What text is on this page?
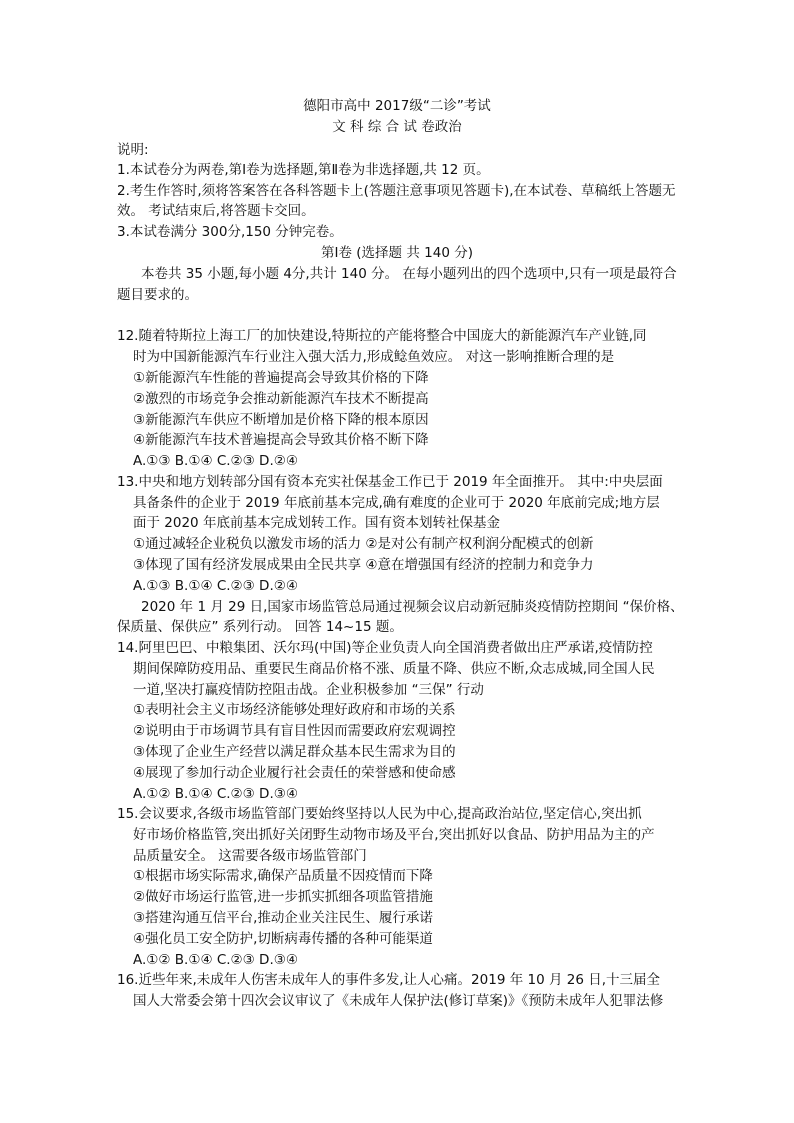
德阳市高中 2017级“二诊”考试
文 科 综 合 试 卷政治
说明:
1.本试卷分为两卷,第Ⅰ卷为选择题,第Ⅱ卷为非选择题,共 12 页。
2.考生作答时,须将答案答在各科答题卡上(答题注意事项见答题卡),在本试卷、草稿纸上答题无
效。 考试结束后,将答题卡交回。
3.本试卷满分 300分,150 分钟完卷。
第Ⅰ卷 (选择题 共 140 分)
本卷共 35 小题,每小题 4分,共计 140 分。 在每小题列出的四个选项中,只有一项是最符合
题目要求的。
12.随着特斯拉上海工厂的加快建设,特斯拉的产能将整合中国庞大的新能源汽车产业链,同
时为中国新能源汽车行业注入强大活力,形成鲶鱼效应。 对这一影响推断合理的是
①新能源汽车性能的普遍提高会导致其价格的下降
②激烈的市场竞争会推动新能源汽车技术不断提高
③新能源汽车供应不断增加是价格下降的根本原因
④新能源汽车技术普遍提高会导致其价格不断下降
A.①③ B.①④ C.②③ D.②④
13.中央和地方划转部分国有资本充实社保基金工作已于 2019 年全面推开。 其中:中央层面
具备条件的企业于 2019 年底前基本完成,确有难度的企业可于 2020 年底前完成;地方层
面于 2020 年底前基本完成划转工作。国有资本划转社保基金
①通过减轻企业税负以激发市场的活力 ②是对公有制产权利润分配模式的创新
③体现了国有经济发展成果由全民共享 ④意在增强国有经济的控制力和竞争力
A.①③ B.①④ C.②③ D.②④
2020 年 1 月 29 日,国家市场监管总局通过视频会议启动新冠肺炎疫情防控期间 “保价格、
保质量、保供应” 系列行动。 回答 14~15 题。
14.阿里巴巴、中粮集团、沃尔玛(中国)等企业负责人向全国消费者做出庄严承诺,疫情防控
期间保障防疫用品、重要民生商品价格不涨、质量不降、供应不断,众志成城,同全国人民
一道,坚决打赢疫情防控阻击战。企业积极参加 “三保” 行动
①表明社会主义市场经济能够处理好政府和市场的关系
②说明由于市场调节具有盲目性因而需要政府宏观调控
③体现了企业生产经营以满足群众基本民生需求为目的
④展现了参加行动企业履行社会责任的荣誉感和使命感
A.①② B.①④ C.②③ D.③④
15.会议要求,各级市场监管部门要始终坚持以人民为中心,提高政治站位,坚定信心,突出抓
好市场价格监管,突出抓好关闭野生动物市场及平台,突出抓好以食品、防护用品为主的产
品质量安全。 这需要各级市场监管部门
①根据市场实际需求,确保产品质量不因疫情而下降
②做好市场运行监管,进一步抓实抓细各项监管措施
③搭建沟通互信平台,推动企业关注民生、履行承诺
④强化员工安全防护,切断病毒传播的各种可能渠道
A.①② B.①④ C.②③ D.③④
16.近些年来,未成年人伤害未成年人的事件多发,让人心痛。2019 年 10 月 26 日,十三届全
国人大常委会第十四次会议审议了《未成年人保护法(修订草案)》《预防未成年人犯罪法修
